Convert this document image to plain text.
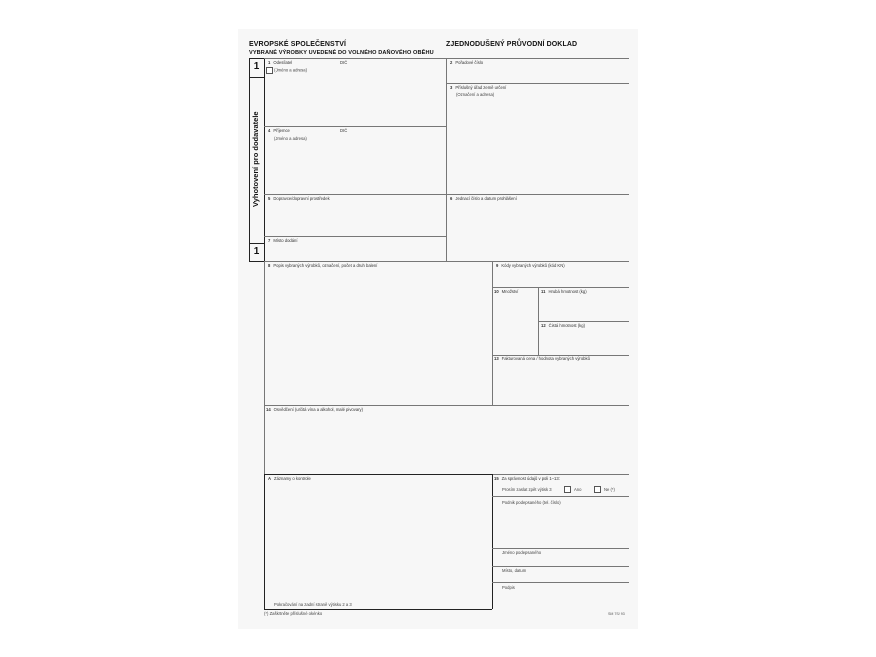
EVROPSKÉ SPOLEČENSTVÍ
VYBRANÉ VÝROBKY UVEDENÉ DO VOLNÉHO DAŇOVÉHO OBĚHU
ZJEDNODUŠENÝ PRŮVODNÍ DOKLAD
1
1
Vyhotovení pro dodavatele
1 Odesílatel	DIČ
(Jméno a adresa)
2 Pořadové číslo
3 Příslušný úřad země určení
(Označení a adresa)
4 Příjemce	DIČ
(Jméno a adresa)
5 Dopravce/dopravní prostředek	6 Jednací číslo a datum prohlášení
7 Místo dodání
8 Popis vybraných výrobků, označení, počet a druh balení	9 Kódy vybraných výrobků (kód KN)
10 Množství	11 Hrubá hmotnost (kg)
12 Čistá hmotnost (kg)
13 Fakturovaná cena / hodnota vybraných výrobků
14 Osvědčení (určitá vína a alkohol, malé pivovary)
A Záznamy o kontrole
Pokračování na zadní straně výtisku 2 a 3
15 Za správnost údajů v poli 1–13:
Prosím zaslat zpět výtisk 3	Ano	Ne (*)
Podnik podepsaného (tel. číslo)
Jméno podepsaného
Místo, datum
Podpis
(*) Zaškrtněte příslušné okénko	SM 7S/ 93
